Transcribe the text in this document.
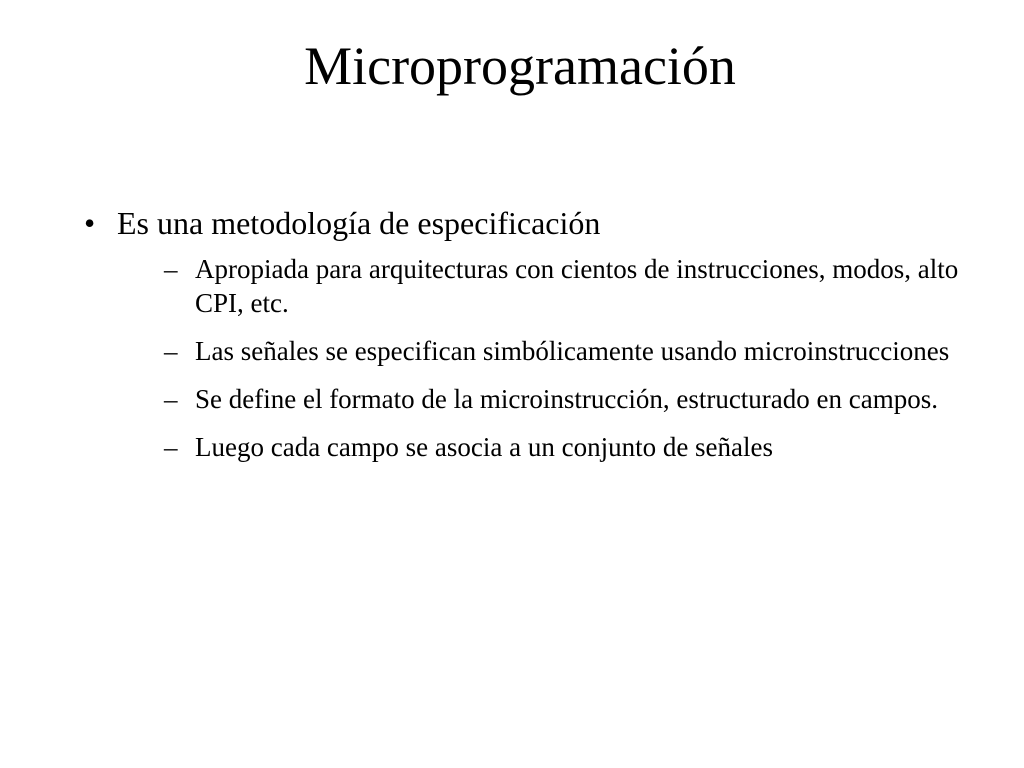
Microprogramación
• Es una metodología de especificación
– Apropiada para arquitecturas con cientos de instrucciones, modos, alto CPI, etc.
– Las señales se especifican simbólicamente usando microinstrucciones
– Se define el formato de la microinstrucción, estructurado en campos.
– Luego cada campo se asocia a un conjunto de señales
